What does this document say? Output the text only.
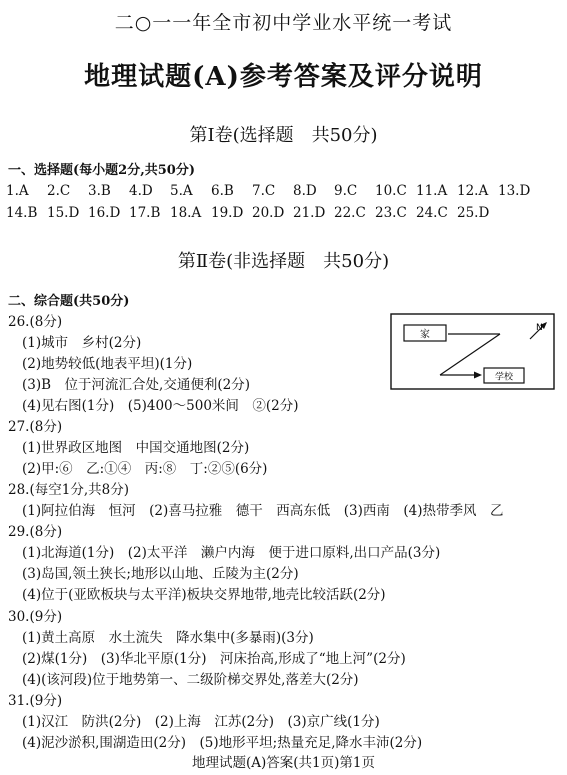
二○一一年全市初中学业水平统一考试
地理试题(A)参考答案及评分说明
第Ⅰ卷(选择题　共50分)
一、选择题(每小题2分,共50分)
1.A 2.C 3.B 4.D 5.A 6.B 7.C 8.D 9.C 10.C 11.A 12.A 13.D
14.B 15.D 16.D 17.B 18.A 19.D 20.D 21.D 22.C 23.C 24.C 25.D
第Ⅱ卷(非选择题　共50分)
二、综合题(共50分)
26.(8分)
(1)城市　乡村(2分)
(2)地势较低(地表平坦)(1分)
(3)B　位于河流汇合处,交通便利(2分)
(4)见右图(1分)　(5)400～500米间　②(2分)
家
学校
N
27.(8分)
(1)世界政区地图　中国交通地图(2分)
(2)甲:⑥　乙:①④　丙:⑧　丁:②⑤(6分)
28.(每空1分,共8分)
(1)阿拉伯海　恒河　(2)喜马拉雅　德干　西高东低　(3)西南　(4)热带季风　乙
29.(8分)
(1)北海道(1分)　(2)太平洋　濑户内海　便于进口原料,出口产品(3分)
(3)岛国,领土狭长;地形以山地、丘陵为主(2分)
(4)位于(亚欧板块与太平洋)板块交界地带,地壳比较活跃(2分)
30.(9分)
(1)黄土高原　水土流失　降水集中(多暴雨)(3分)
(2)煤(1分)　(3)华北平原(1分)　河床抬高,形成了“地上河”(2分)
(4)(该河段)位于地势第一、二级阶梯交界处,落差大(2分)
31.(9分)
(1)汉江　防洪(2分)　(2)上海　江苏(2分)　(3)京广线(1分)
(4)泥沙淤积,围湖造田(2分)　(5)地形平坦;热量充足,降水丰沛(2分)
地理试题(A)答案(共1页)第1页
